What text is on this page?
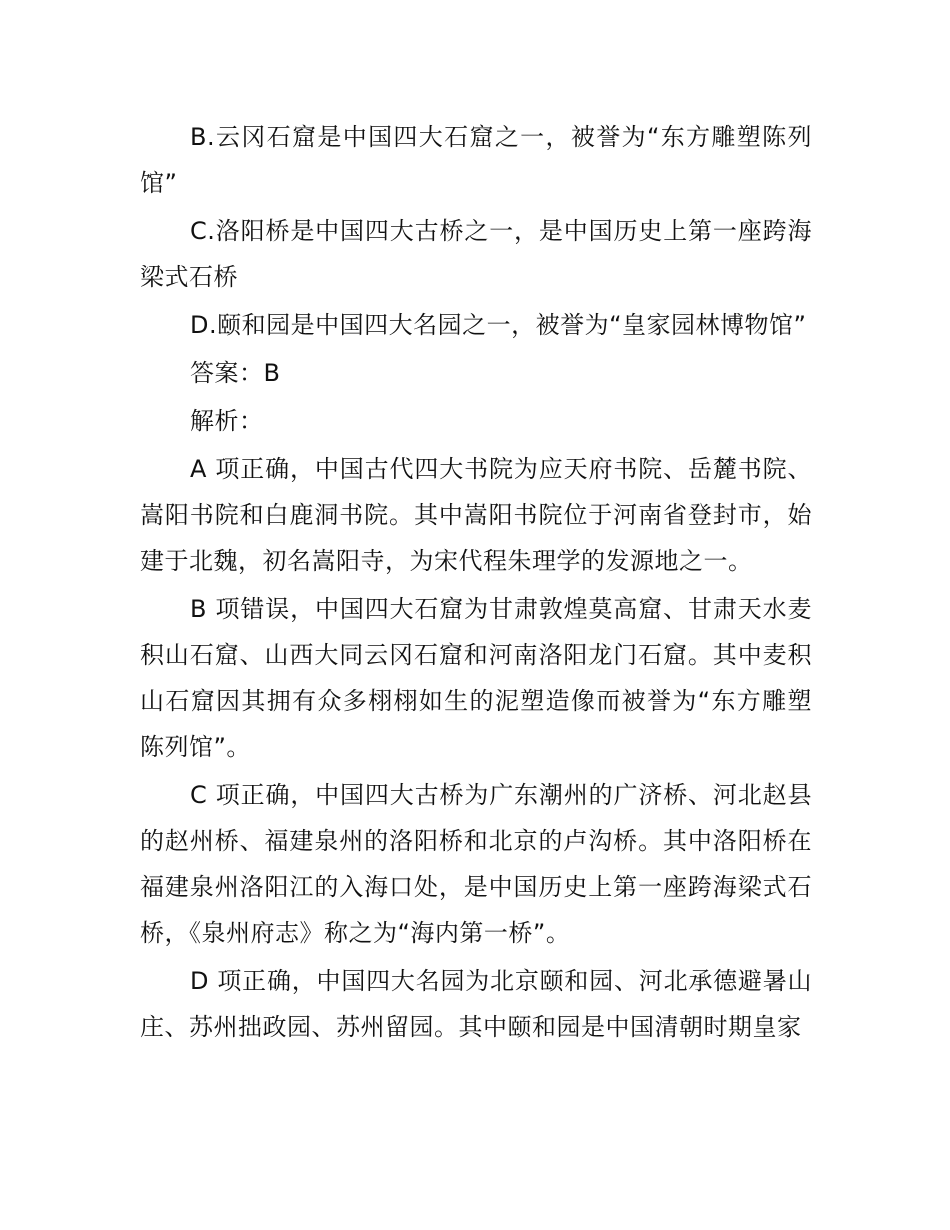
B.云冈石窟是中国四大石窟之一，被誉为“东方雕塑陈列馆”

C.洛阳桥是中国四大古桥之一，是中国历史上第一座跨海梁式石桥

D.颐和园是中国四大名园之一，被誉为“皇家园林博物馆”

答案：B

解析：

A 项正确，中国古代四大书院为应天府书院、岳麓书院、嵩阳书院和白鹿洞书院。其中嵩阳书院位于河南省登封市，始建于北魏，初名嵩阳寺，为宋代程朱理学的发源地之一。

B 项错误，中国四大石窟为甘肃敦煌莫高窟、甘肃天水麦积山石窟、山西大同云冈石窟和河南洛阳龙门石窟。其中麦积山石窟因其拥有众多栩栩如生的泥塑造像而被誉为“东方雕塑陈列馆”。

C 项正确，中国四大古桥为广东潮州的广济桥、河北赵县的赵州桥、福建泉州的洛阳桥和北京的卢沟桥。其中洛阳桥在福建泉州洛阳江的入海口处，是中国历史上第一座跨海梁式石桥，《泉州府志》称之为“海内第一桥”。

D 项正确，中国四大名园为北京颐和园、河北承德避暑山庄、苏州拙政园、苏州留园。其中颐和园是中国清朝时期皇家
